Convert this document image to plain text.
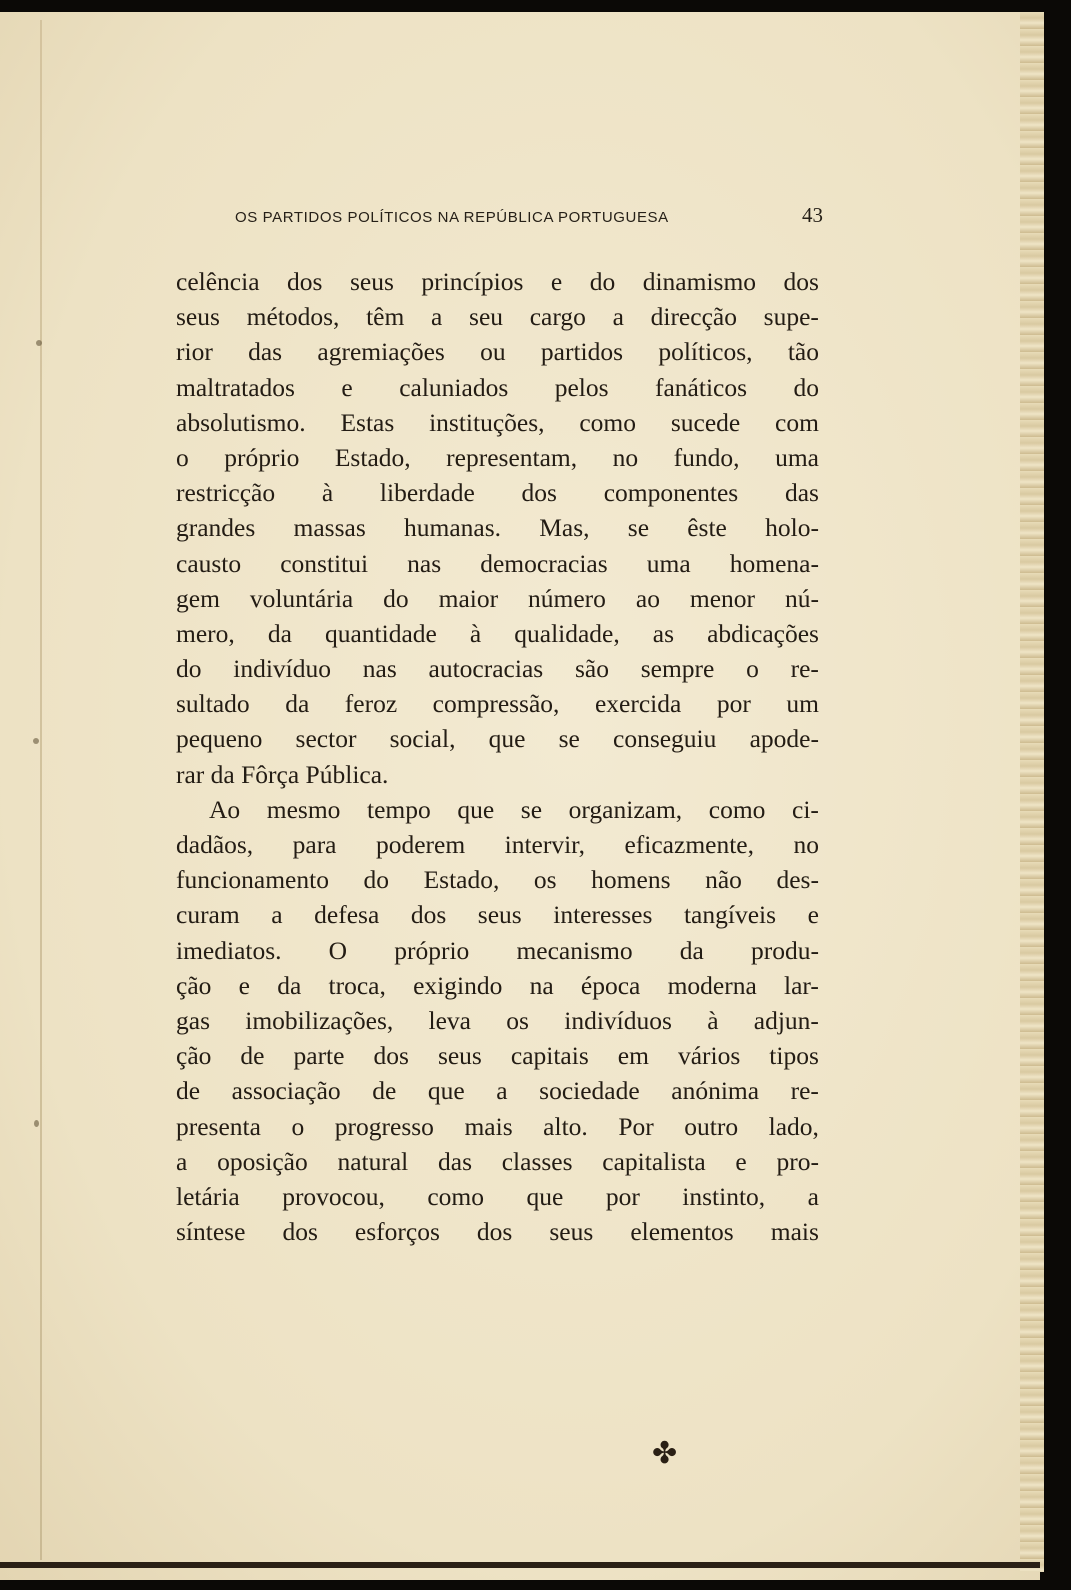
OS PARTIDOS POLÍTICOS NA REPÚBLICA PORTUGUESA	43
celência dos seus princípios e do dinamismo dos
seus métodos, têm a seu cargo a direcção supe-
rior das agremiações ou partidos políticos, tão
maltratados e caluniados pelos fanáticos do
absolutismo. Estas instituções, como sucede com
o próprio Estado, representam, no fundo, uma
restricção à liberdade dos componentes das
grandes massas humanas. Mas, se êste holo-
causto constitui nas democracias uma homena-
gem voluntária do maior número ao menor nú-
mero, da quantidade à qualidade, as abdicações
do indivíduo nas autocracias são sempre o re-
sultado da feroz compressão, exercida por um
pequeno sector social, que se conseguiu apode-
rar da Fôrça Pública.
Ao mesmo tempo que se organizam, como ci-
dadãos, para poderem intervir, eficazmente, no
funcionamento do Estado, os homens não des-
curam a defesa dos seus interesses tangíveis e
imediatos. O próprio mecanismo da produ-
ção e da troca, exigindo na época moderna lar-
gas imobilizações, leva os indivíduos à adjun-
ção de parte dos seus capitais em vários tipos
de associação de que a sociedade anónima re-
presenta o progresso mais alto. Por outro lado,
a oposição natural das classes capitalista e pro-
letária provocou, como que por instinto, a
síntese dos esforços dos seus elementos mais
✤
